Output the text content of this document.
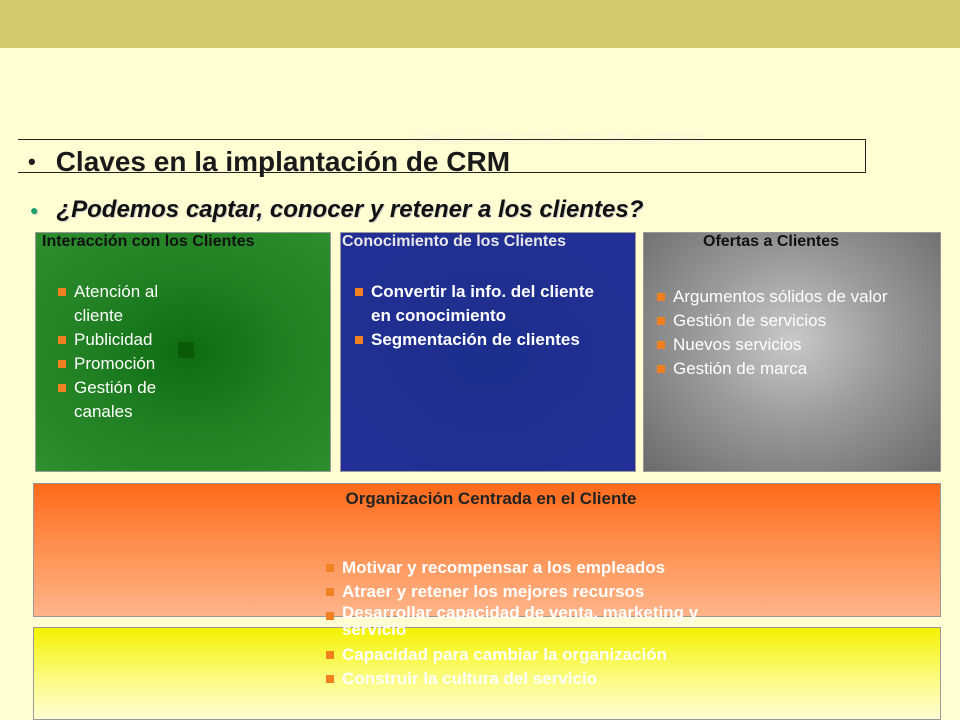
CRM: El Cliente como Centro de la Empresa
• Claves en la implantación de CRM
● ¿Podemos captar, conocer y retener a los clientes?
Interacción con los Clientes	Conocimiento de los Clientes	Ofertas a Clientes
Atención al cliente
Publicidad
Promoción
Gestión de canales
Convertir la info. del cliente en conocimiento
Segmentación de clientes
Argumentos sólidos de valor
Gestión de servicios
Nuevos servicios
Gestión de marca
Organización Centrada en el Cliente
Motivar y recompensar a los empleados
Atraer y retener los mejores recursos
Desarrollar capacidad de venta, marketing y servicio
Capacidad para cambiar la organización
Construir la cultura del servicio
